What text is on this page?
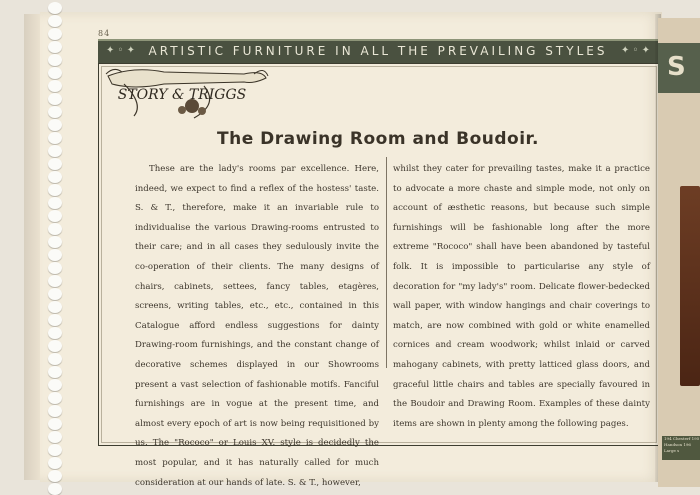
84
✦ ◦ ✦	ARTISTIC FURNITURE IN ALL THE PREVAILING STYLES	✦ ◦ ✦
STORY & TRIGGS
The Drawing Room and Boudoir.
These are the lady's rooms par excellence. Here, indeed, we expect to find a reflex of the hostess' taste. S. & T., therefore, make it an invariable rule to individualise the various Drawing-rooms entrusted to their care; and in all cases they sedulously invite the co-operation of their clients. The many designs of chairs, cabinets, settees, fancy tables, etagères, screens, writing tables, etc., etc., contained in this Catalogue afford endless suggestions for dainty Drawing-room furnishings, and the constant change of decorative schemes displayed in our Showrooms present a vast selection of fashionable motifs. Fanciful furnishings are in vogue at the present time, and almost every epoch of art is now being requisitioned by us. The "Rococo" or Louis XV. style is decidedly the most popular, and it has naturally called for much consideration at our hands of late. S. & T., however,
whilst they cater for prevailing tastes, make it a practice to advocate a more chaste and simple mode, not only on account of æsthetic reasons, but because such simple furnishings will be fashionable long after the more extreme "Rococo" shall have been abandoned by tasteful folk. It is impossible to particularise any style of decoration for "my lady's" room. Delicate flower-bedecked wall paper, with window hangings and chair coverings to match, are now combined with gold or white enamelled cornices and cream woodwork; whilst inlaid or carved mahogany cabinets, with pretty latticed glass doors, and graceful little chairs and tables are specially favoured in the Boudoir and Drawing Room. Examples of these dainty items are shown in plenty among the following pages.
S
194 Chesterf 195 Handson 196 Large s
